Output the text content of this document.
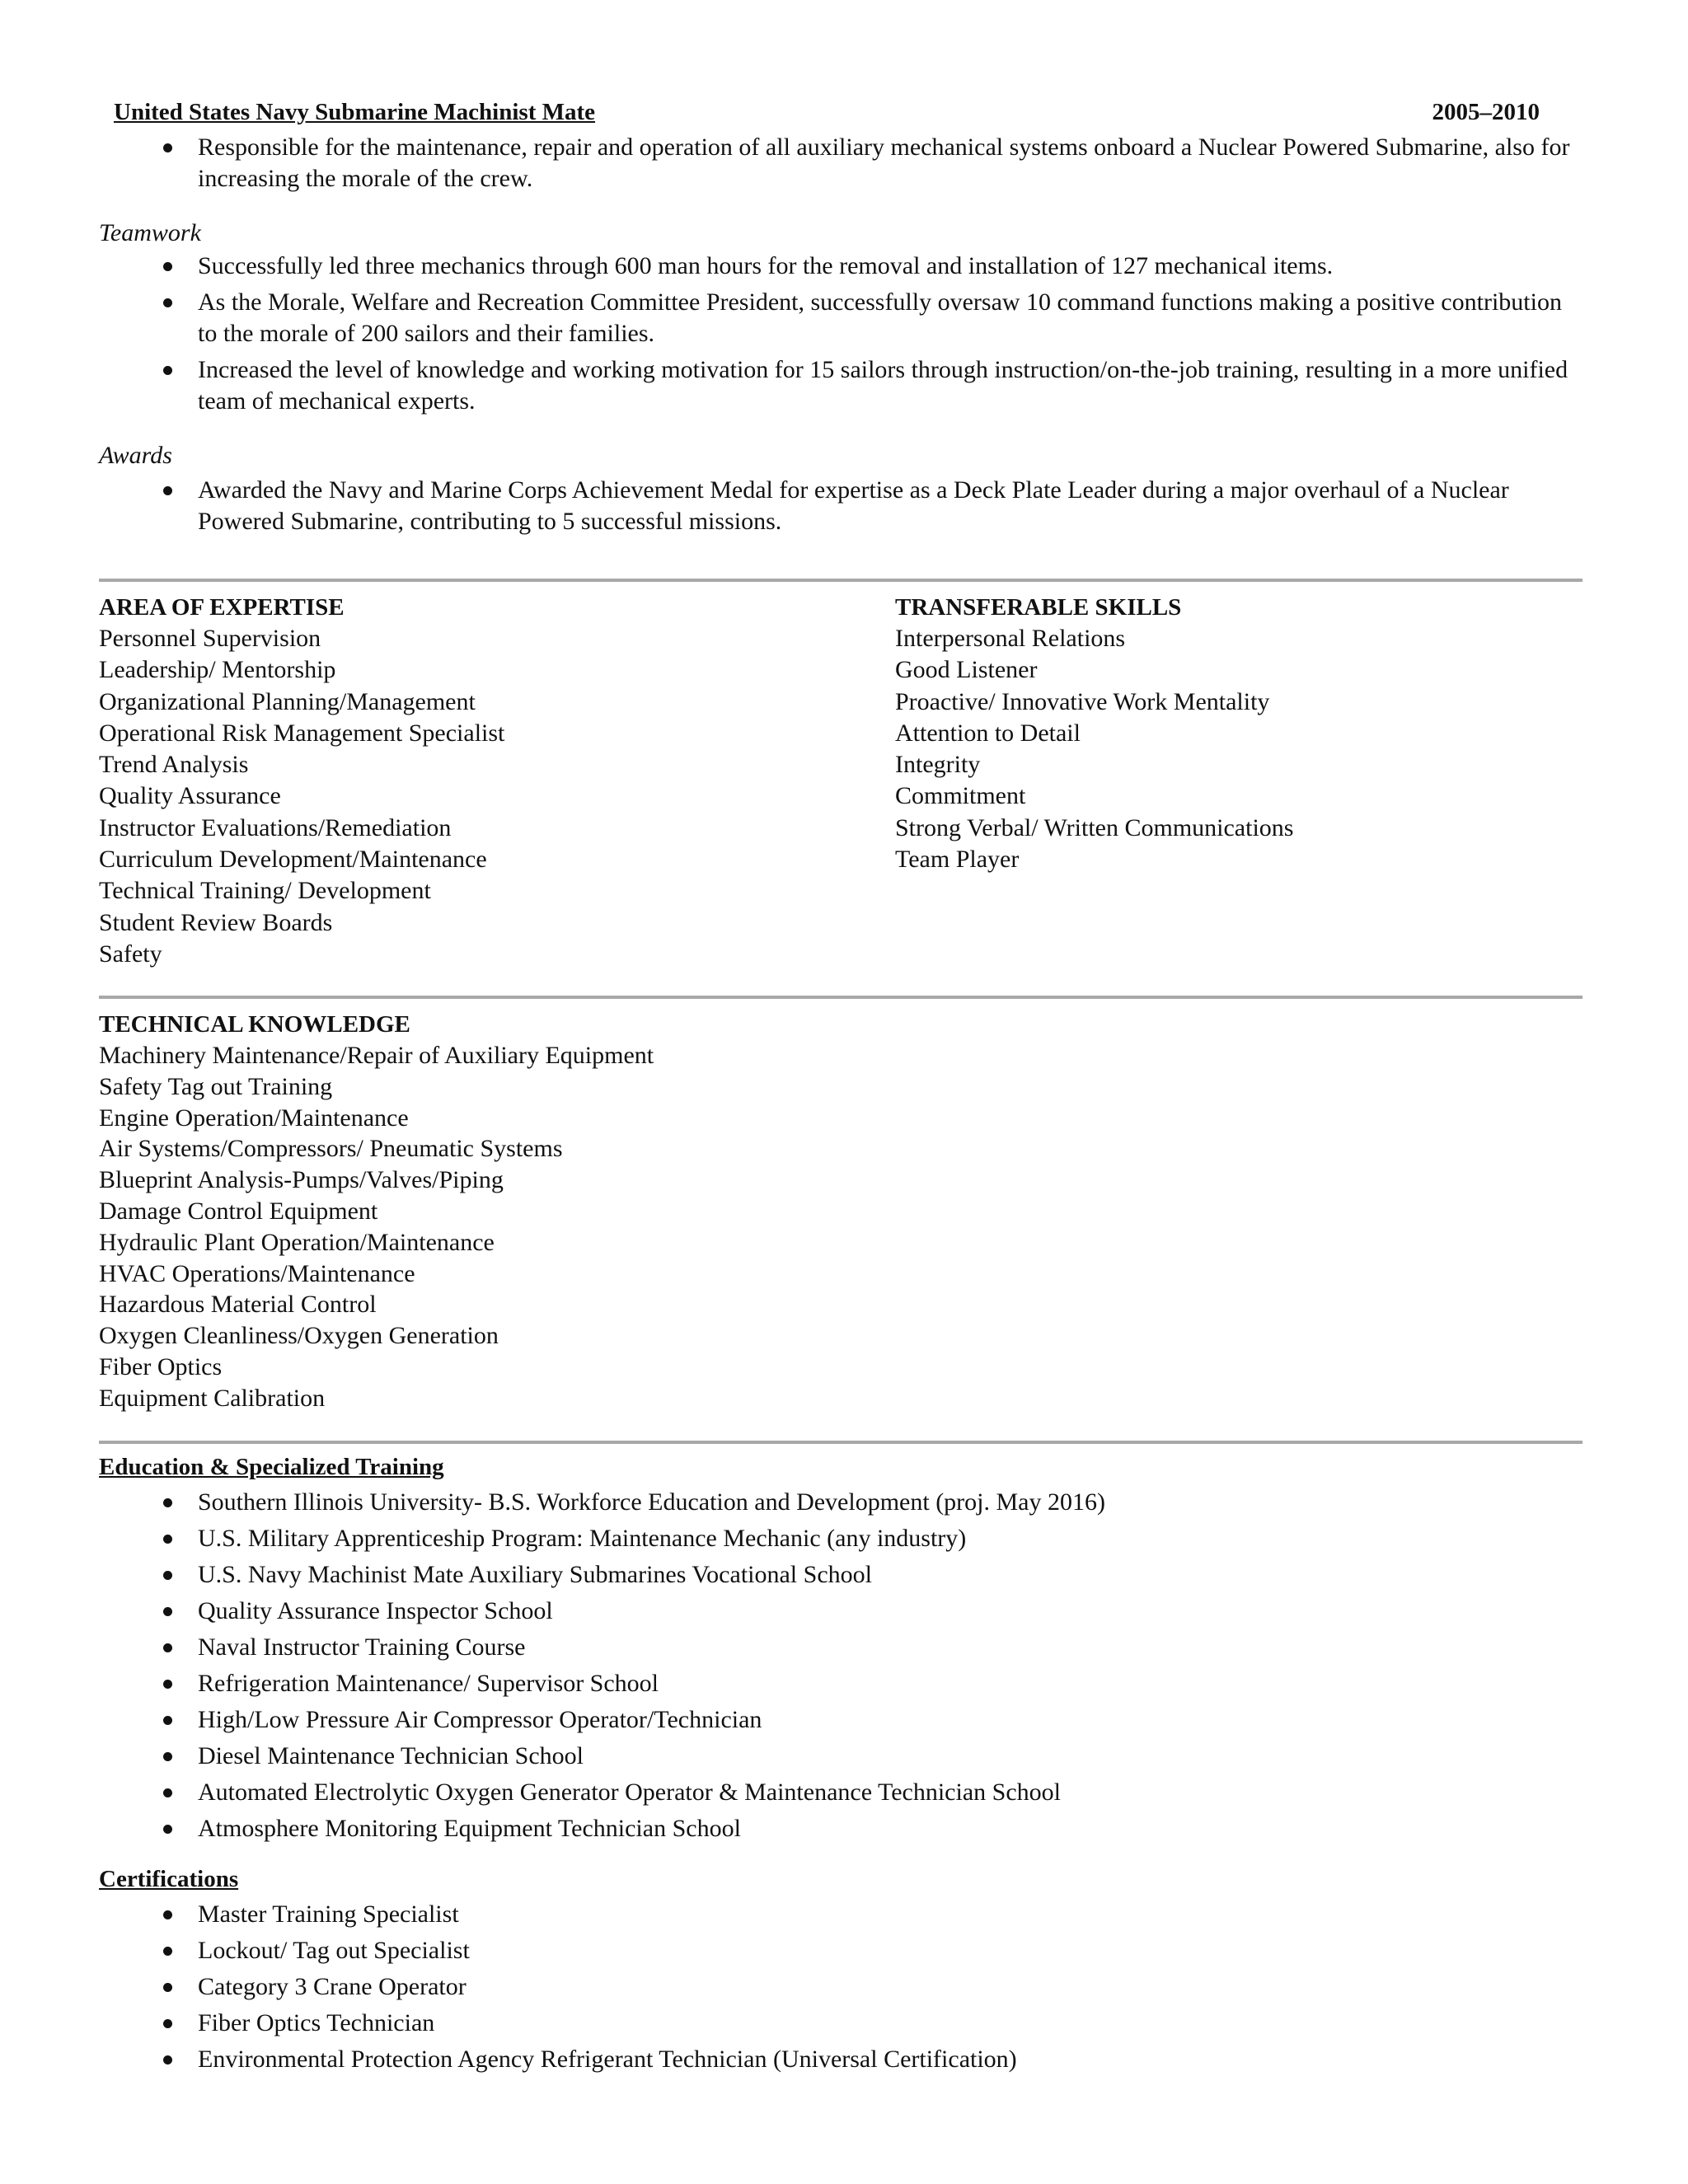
United States Navy Submarine Machinist Mate	2005–2010
Responsible for the maintenance, repair and operation of all auxiliary mechanical systems onboard a Nuclear Powered Submarine, also for increasing the morale of the crew.
Teamwork
Successfully led three mechanics through 600 man hours for the removal and installation of 127 mechanical items.
As the Morale, Welfare and Recreation Committee President, successfully oversaw 10 command functions making a positive contribution to the morale of 200 sailors and their families.
Increased the level of knowledge and working motivation for 15 sailors through instruction/on-the-job training, resulting in a more unified team of mechanical experts.
Awards
Awarded the Navy and Marine Corps Achievement Medal for expertise as a Deck Plate Leader during a major overhaul of a Nuclear Powered Submarine, contributing to 5 successful missions.
AREA OF EXPERTISE
Personnel Supervision
Leadership/ Mentorship
Organizational Planning/Management
Operational Risk Management Specialist
Trend Analysis
Quality Assurance
Instructor Evaluations/Remediation
Curriculum Development/Maintenance
Technical Training/ Development
Student Review Boards
Safety
TRANSFERABLE SKILLS
Interpersonal Relations
Good Listener
Proactive/ Innovative Work Mentality
Attention to Detail
Integrity
Commitment
Strong Verbal/ Written Communications
Team Player
TECHNICAL KNOWLEDGE
Machinery Maintenance/Repair of Auxiliary Equipment
Safety Tag out Training
Engine Operation/Maintenance
Air Systems/Compressors/ Pneumatic Systems
Blueprint Analysis-Pumps/Valves/Piping
Damage Control Equipment
Hydraulic Plant Operation/Maintenance
HVAC Operations/Maintenance
Hazardous Material Control
Oxygen Cleanliness/Oxygen Generation
Fiber Optics
Equipment Calibration
Education & Specialized Training
Southern Illinois University- B.S. Workforce Education and Development (proj. May 2016)
U.S. Military Apprenticeship Program: Maintenance Mechanic (any industry)
U.S. Navy Machinist Mate Auxiliary Submarines Vocational School
Quality Assurance Inspector School
Naval Instructor Training Course
Refrigeration Maintenance/ Supervisor School
High/Low Pressure Air Compressor Operator/Technician
Diesel Maintenance Technician School
Automated Electrolytic Oxygen Generator Operator & Maintenance Technician School
Atmosphere Monitoring Equipment Technician School
Certifications
Master Training Specialist
Lockout/ Tag out Specialist
Category 3 Crane Operator
Fiber Optics Technician
Environmental Protection Agency Refrigerant Technician (Universal Certification)
